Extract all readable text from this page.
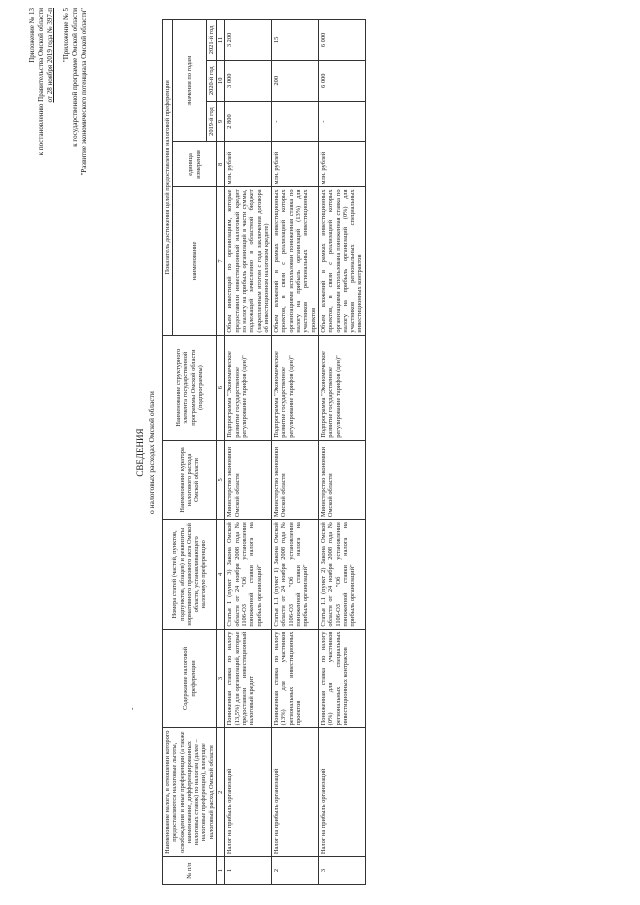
Приложение № 13 к постановлению Правительства Омской области от 28 ноября 2019 года № 397-п "Приложение № 5 к государственной программе Омской области "Развитие экономического потенциала Омской области"
-
СВЕДЕНИЯ о налоговых расходах Омской области
№ п/п	Наименование налога, в отношении которого предоставляются налоговые льготы, освобождения и иные преференции (а также наименование, дифференцированных налоговых ставок) по налогам (далее – налоговые преференции), влекущие налоговый расход Омской области	Содержание налоговой преференции	Номера статей (частей, пунктов, подпунктов, абзацев) и реквизиты нормативного правового акта Омской области, устанавливающего налоговую преференцию	Наименование куратора налогового расхода Омской области	Наименование структурного элемента государственной программы Омской области (подпрограммы)	Показатель достижения целей предоставления налоговой преференции				
						наименование	единица измерения	значения по годам		
								2019-й год	2020-й год	2021-й год
1	2	3	4	5	6	7	8	9	10	11
1	Налог на прибыль организаций	Пониженная ставка по налогу (13,5%) для организаций, которые предоставили инвестиционный налоговый кредит	Статья 1 (пункт 3) Закона Омской области от 24 ноября 2008 года № 1106-ОЗ "Об установлении пониженной ставки налога на прибыль организаций"	Министерство экономики Омской области	Подпрограмма "Экономическое развитие государственное регулирование тарифов (цен)"	Объем инвестиций по организациям, которые предоставили инвестиционный налоговый кредит по налогу на прибыль организаций в части суммы, подлежащей зачислению в областной бюджет (закрепленным итогом с года заключения договора об инвестиционном налоговом кредите)	млн. рублей	2 800	3 000	3 200
2	Налог на прибыль организаций	Пониженная ставка по налогу (13%) для участников региональных инвестиционных проектов	Статья 1.1 (пункт 1) Закона Омской области от 24 ноября 2008 года № 1106-ОЗ "Об установлении пониженной ставки налога на прибыль организаций"	Министерство экономики Омской области	Подпрограмма "Экономическое развитие государственное регулирование тарифов (цен)"	Объем вложений в рамках инвестиционных проектов, в связи с реализацией которых организациями использован пониженная ставка по налогу на прибыль организаций (13%) для участников региональных инвестиционных проектов	млн. рублей	-	200	15
3	Налог на прибыль организаций	Пониженная ставка по налогу (0%) для участников региональных специальных инвестиционных контрактов	Статья 1.1 (пункт 2) Закона Омской области от 24 ноября 2008 года № 1106-ОЗ "Об установлении пониженной ставки налога на прибыль организаций"	Министерство экономики Омской области	Подпрограмма "Экономическое развитие государственное регулирование тарифов (цен)"	Объем вложений в рамках инвестиционных проектов, в связи с реализацией которых организациями использована пониженная ставка по налогу на прибыль организаций (0%) для участников региональных специальных инвестиционных контрактов	млн. рублей	-	6 000	6 000
